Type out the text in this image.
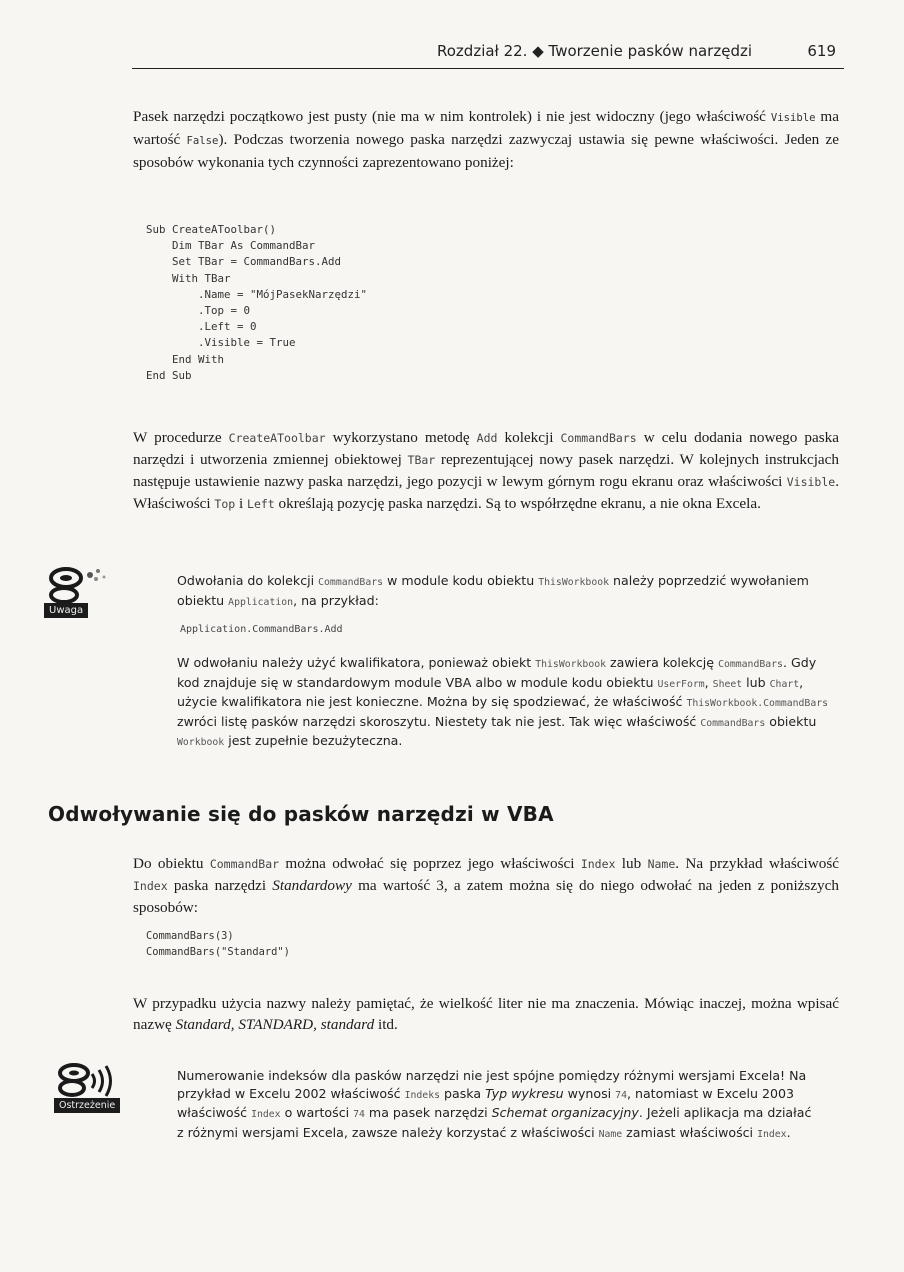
Rozdział 22. ◆ Tworzenie pasków narzędzi	619

Pasek narzędzi początkowo jest pusty (nie ma w nim kontrolek) i nie jest widoczny (jego właściwość Visible ma wartość False). Podczas tworzenia nowego paska narzędzi zazwyczaj ustawia się pewne właściwości. Jeden ze sposobów wykonania tych czynności zaprezentowano poniżej:

Sub CreateAToolbar()
Dim TBar As CommandBar
Set TBar = CommandBars.Add
With TBar
.Name = "MójPasekNarzędzi"
.Top = 0
.Left = 0
.Visible = True
End With
End Sub

W procedurze CreateAToolbar wykorzystano metodę Add kolekcji CommandBars w celu dodania nowego paska narzędzi i utworzenia zmiennej obiektowej TBar reprezentującej nowy pasek narzędzi. W kolejnych instrukcjach następuje ustawienie nazwy paska narzędzi, jego pozycji w lewym górnym rogu ekranu oraz właściwości Visible. Właściwości Top i Left określają pozycję paska narzędzi. Są to współrzędne ekranu, a nie okna Excela.

Uwaga

Odwołania do kolekcji CommandBars w module kodu obiektu ThisWorkbook należy poprzedzić wywołaniem obiektu Application, na przykład:

Application.CommandBars.Add

W odwołaniu należy użyć kwalifikatora, ponieważ obiekt ThisWorkbook zawiera kolekcję CommandBars. Gdy kod znajduje się w standardowym module VBA albo w module kodu obiektu UserForm, Sheet lub Chart, użycie kwalifikatora nie jest konieczne. Można by się spodziewać, że właściwość ThisWorkbook.CommandBars zwróci listę pasków narzędzi skoroszytu. Niestety tak nie jest. Tak więc właściwość CommandBars obiektu Workbook jest zupełnie bezużyteczna.

Odwoływanie się do pasków narzędzi w VBA

Do obiektu CommandBar można odwołać się poprzez jego właściwości Index lub Name. Na przykład właściwość Index paska narzędzi Standardowy ma wartość 3, a zatem można się do niego odwołać na jeden z poniższych sposobów:

CommandBars(3)
CommandBars("Standard")

W przypadku użycia nazwy należy pamiętać, że wielkość liter nie ma znaczenia. Mówiąc inaczej, można wpisać nazwę Standard, STANDARD, standard itd.

Ostrzeżenie

Numerowanie indeksów dla pasków narzędzi nie jest spójne pomiędzy różnymi wersjami Excela! Na przykład w Excelu 2002 właściwość Indeks paska Typ wykresu wynosi 74, natomiast w Excelu 2003 właściwość Index o wartości 74 ma pasek narzędzi Schemat organizacyjny. Jeżeli aplikacja ma działać z różnymi wersjami Excela, zawsze należy korzystać z właściwości Name zamiast właściwości Index.
